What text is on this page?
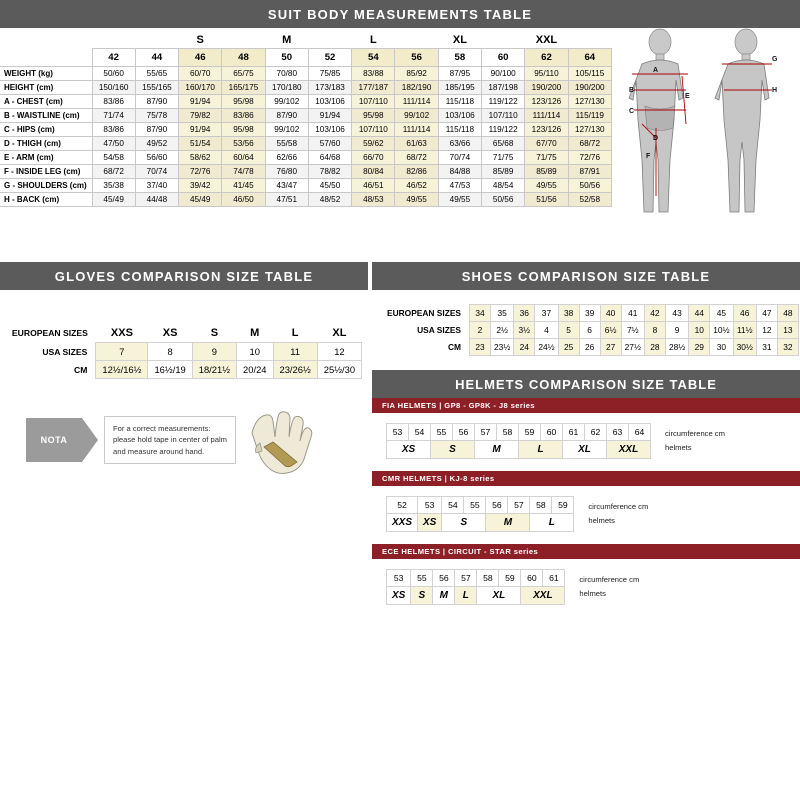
SUIT BODY MEASUREMENTS TABLE
			S		M		L		XL		XXL	
	42	44	46	48	50	52	54	56	58	60	62	64
WEIGHT (kg)	50/60	55/65	60/70	65/75	70/80	75/85	83/88	85/92	87/95	90/100	95/110	105/115
HEIGHT (cm)	150/160	155/165	160/170	165/175	170/180	173/183	177/187	182/190	185/195	187/198	190/200	190/200
A - CHEST (cm)	83/86	87/90	91/94	95/98	99/102	103/106	107/110	111/114	115/118	119/122	123/126	127/130
B - WAISTLINE (cm)	71/74	75/78	79/82	83/86	87/90	91/94	95/98	99/102	103/106	107/110	111/114	115/119
C - HIPS (cm)	83/86	87/90	91/94	95/98	99/102	103/106	107/110	111/114	115/118	119/122	123/126	127/130
D - THIGH (cm)	47/50	49/52	51/54	53/56	55/58	57/60	59/62	61/63	63/66	65/68	67/70	68/72
E - ARM (cm)	54/58	56/60	58/62	60/64	62/66	64/68	66/70	68/72	70/74	71/75	71/75	72/76
F - INSIDE LEG (cm)	68/72	70/74	72/76	74/78	76/80	78/82	80/84	82/86	84/88	85/89	85/89	87/91
G - SHOULDERS (cm)	35/38	37/40	39/42	41/45	43/47	45/50	46/51	46/52	47/53	48/54	49/55	50/56
H - BACK (cm)	45/49	44/48	45/49	46/50	47/51	48/52	48/53	49/55	49/55	50/56	51/56	52/58
A
B
C
D
E
F
G
H
GLOVES COMPARISON SIZE TABLE
EUROPEAN SIZES	XXS	XS	S	M	L	XL
USA SIZES	7	8	9	10	11	12
CM	12½/16½	16½/19	18/21½	20/24	23/26½	25½/30
NOTA
For a correct measurements: please hold tape in center of palm and measure around hand.
SHOES COMPARISON SIZE TABLE
EUROPEAN SIZES	34	35	36	37	38	39	40	41	42	43	44	45	46	47	48
USA SIZES	2	2½	3½	4	5	6	6½	7½	8	9	10	10½	11½	12	13
CM	23	23½	24	24½	25	26	27	27½	28	28½	29	30	30½	31	32
HELMETS COMPARISON SIZE TABLE
FIA HELMETS | GP8 - GP8K - J8 series
53	54	55	56	57	58	59	60	61	62	63	64
XS		S		M		L		XL		XXL	
circumference cm
helmets
CMR HELMETS | KJ-8 series
52	53	54	55	56	57	58	59
XXS	XS	S		M		L	
circumference cm
helmets
ECE HELMETS | CIRCUIT - STAR series
53	55	56	57	58	59	60	61
XS	S	M	L	XL		XXL	
circumference cm
helmets
